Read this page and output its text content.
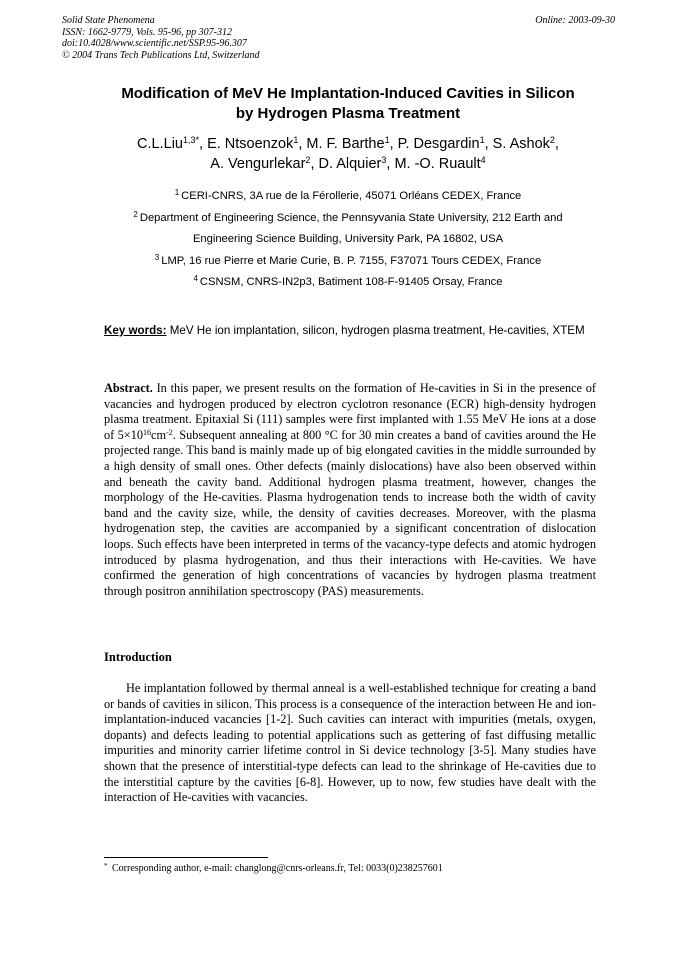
Solid State Phenomena
ISSN: 1662-9779, Vols. 95-96, pp 307-312
doi:10.4028/www.scientific.net/SSP.95-96.307
© 2004 Trans Tech Publications Ltd, Switzerland
Online: 2003-09-30
Modification of MeV He Implantation-Induced Cavities in Silicon
by Hydrogen Plasma Treatment
C.L.Liu$^{1,3*}$, E. Ntsoenzok$^1$, M. F. Barthe$^1$, P. Desgardin$^1$, S. Ashok$^2$,
A. Vengurlekar$^2$, D. Alquier$^3$, M. -O. Ruault$^4$
$^1$ CERI-CNRS, 3A rue de la Férollerie, 45071 Orléans CEDEX, France
$^2$ Department of Engineering Science, the Pennsyvania State University, 212 Earth and
Engineering Science Building, University Park, PA 16802, USA
$^3$ LMP, 16 rue Pierre et Marie Curie, B. P. 7155, F37071 Tours CEDEX, France
$^4$ CSNSM, CNRS-IN2p3, Batiment 108-F-91405 Orsay, France
Key words: MeV He ion implantation, silicon, hydrogen plasma treatment, He-cavities, XTEM

Abstract. In this paper, we present results on the formation of He-cavities in Si in the presence of vacancies and hydrogen produced by electron cyclotron resonance (ECR) high-density hydrogen plasma treatment. Epitaxial Si (111) samples were first implanted with 1.55 MeV He ions at a dose of $5\times 10^{16}cm^{-2}$. Subsequent annealing at 800 °C for 30 min creates a band of cavities around the He projected range. This band is mainly made up of big elongated cavities in the middle surrounded by a high density of small ones. Other defects (mainly dislocations) have also been observed within and beneath the cavity band. Additional hydrogen plasma treatment, however, changes the morphology of the He-cavities. Plasma hydrogenation tends to increase both the width of cavity band and the cavity size, while, the density of cavities decreases. Moreover, with the plasma hydrogenation step, the cavities are accompanied by a significant concentration of dislocation loops. Such effects have been interpreted in terms of the vacancy-type defects and atomic hydrogen introduced by plasma hydrogenation, and thus their interactions with He-cavities. We have confirmed the generation of high concentrations of vacancies by hydrogen plasma treatment through positron annihilation spectroscopy (PAS) measurements.

Introduction

He implantation followed by thermal anneal is a well-established technique for creating a band or bands of cavities in silicon. This process is a consequence of the interaction between He and ion-implantation-induced vacancies [1-2]. Such cavities can interact with impurities (metals, oxygen, dopants) and defects leading to potential applications such as gettering of fast diffusing metallic impurities and minority carrier lifetime control in Si device technology [3-5]. Many studies have shown that the presence of interstitial-type defects can lead to the shrinkage of He-cavities due to the interstitial capture by the cavities [6-8]. However, up to now, few studies have dealt with the interaction of He-cavities with vacancies.

* Corresponding author, e-mail: changlong@cnrs-orleans.fr, Tel: 0033(0)238257601
